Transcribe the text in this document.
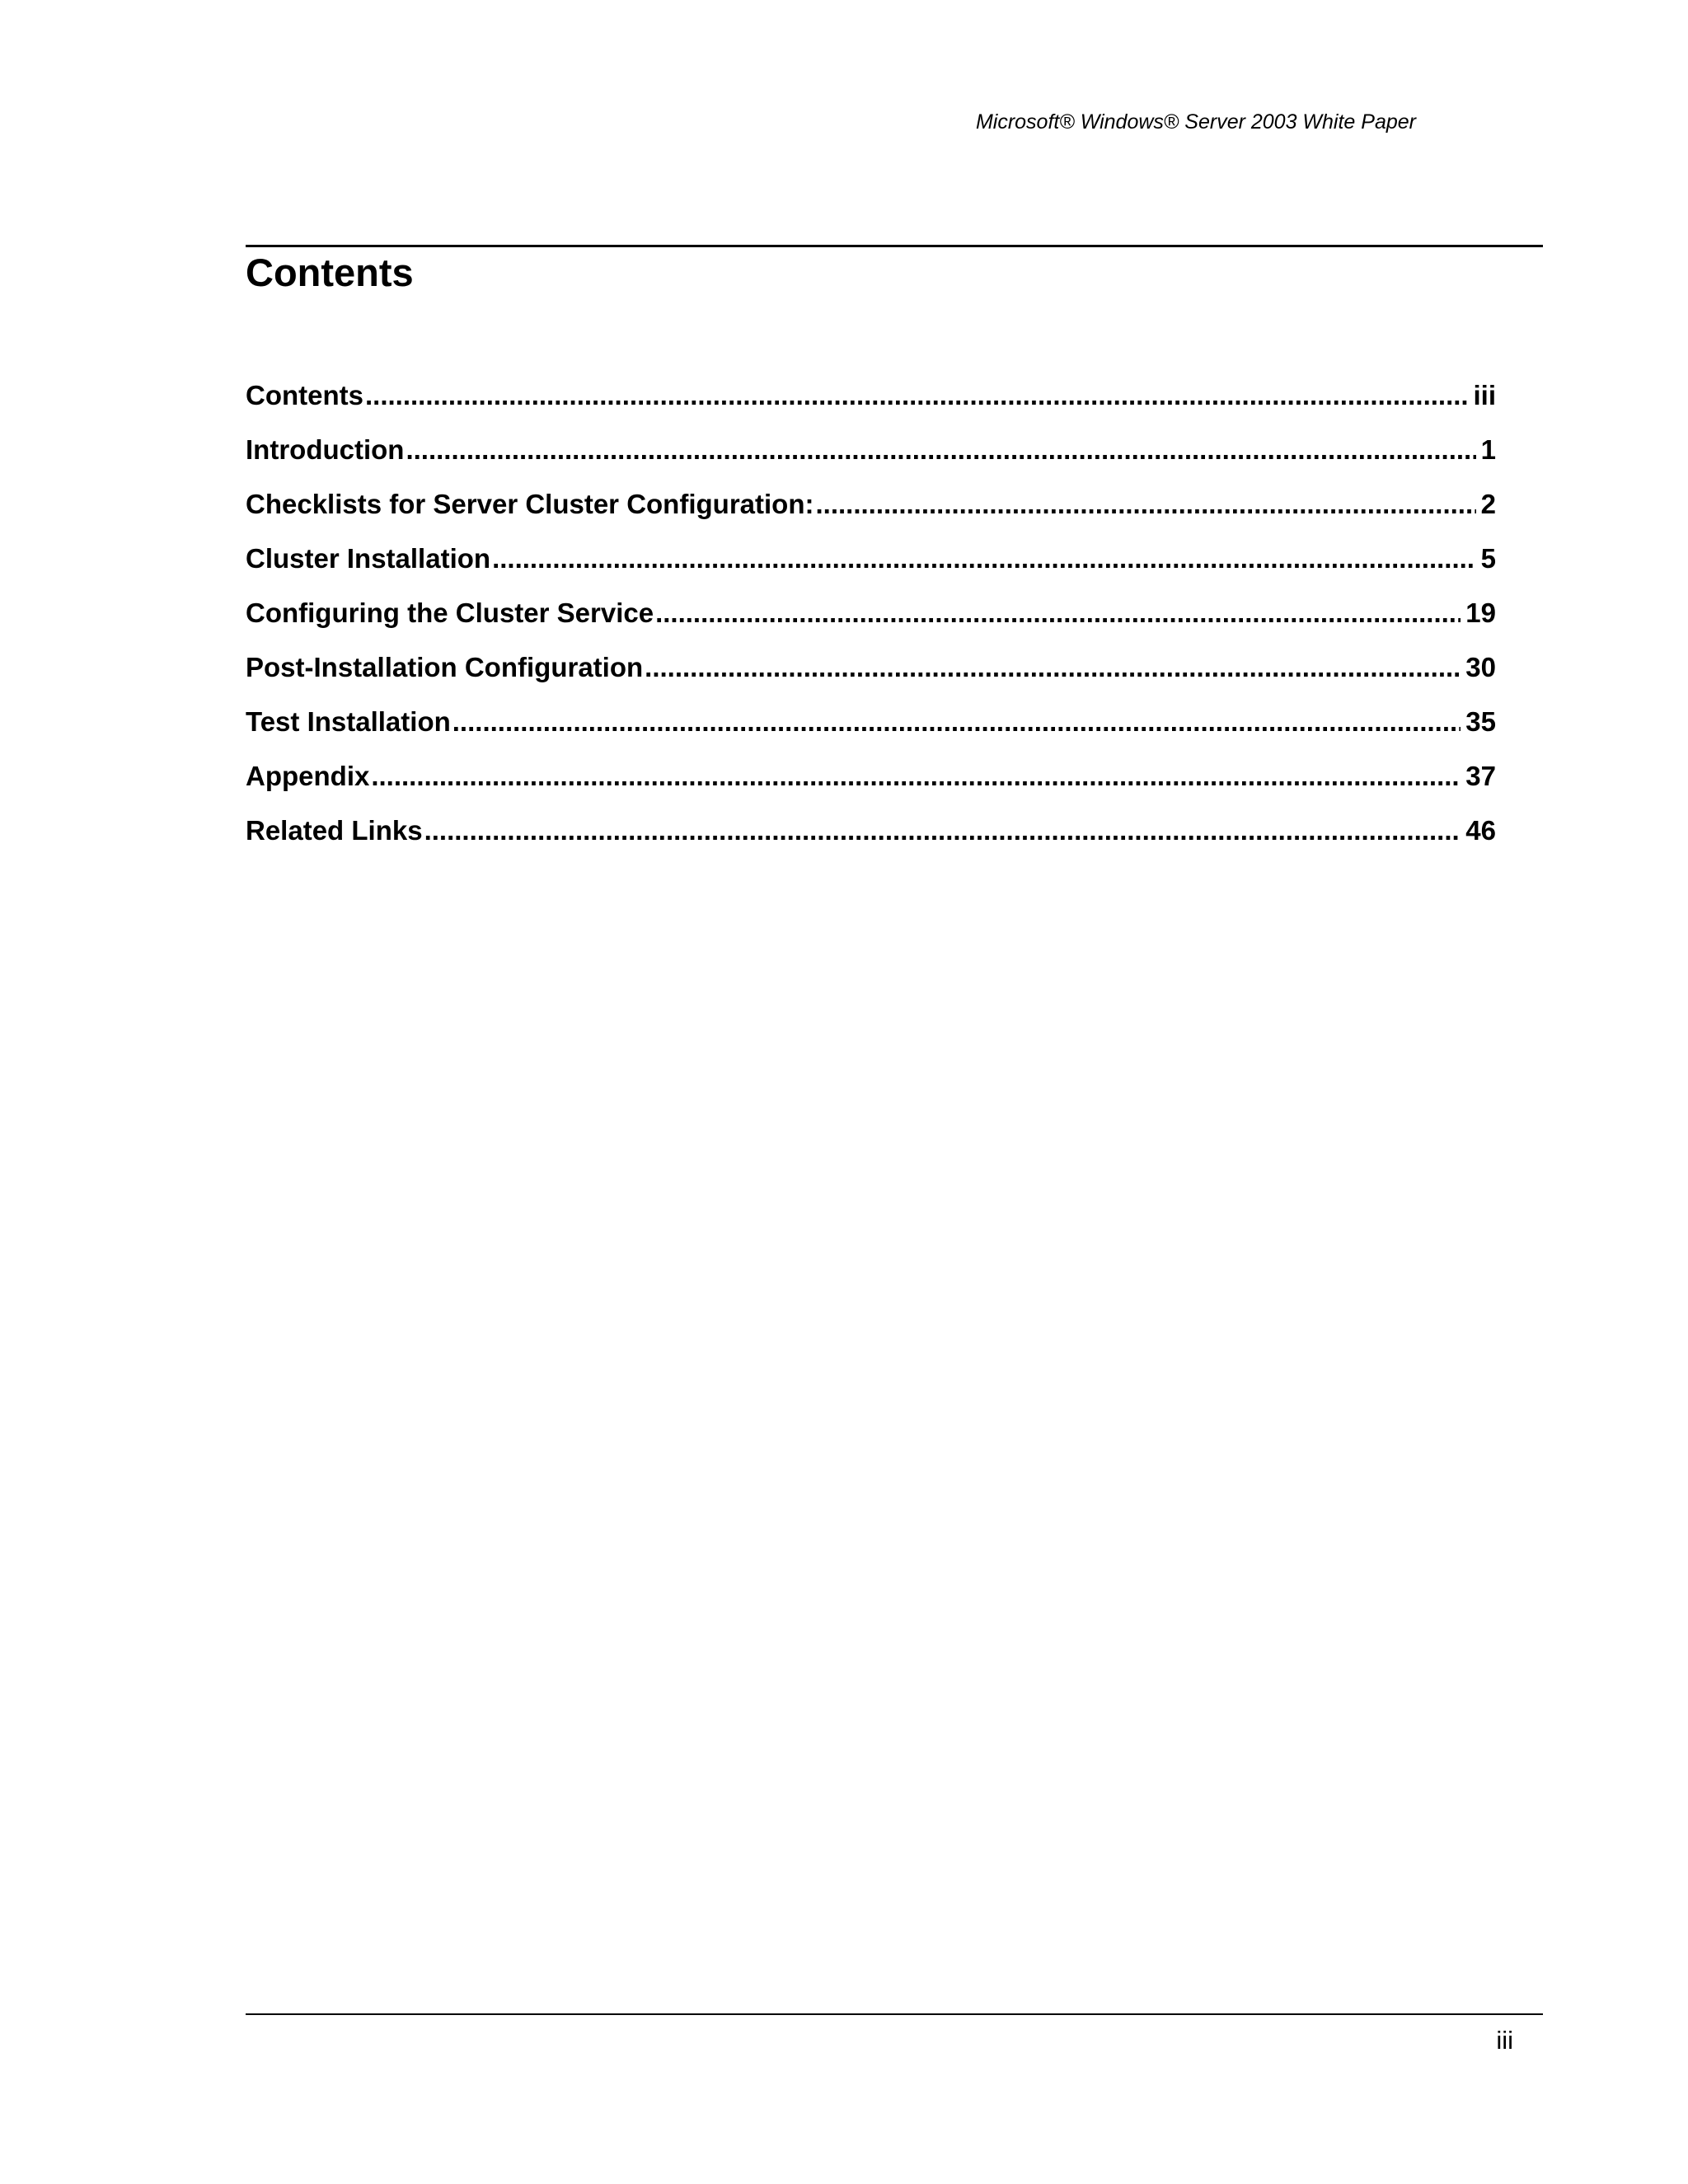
Microsoft® Windows® Server 2003 White Paper
Contents
Contents .....	iii
Introduction .....	1
Checklists for Server Cluster Configuration: .....	2
Cluster Installation .....	5
Configuring the Cluster Service .....	19
Post-Installation Configuration .....	30
Test Installation .....	35
Appendix .....	37
Related Links .....	46
iii
